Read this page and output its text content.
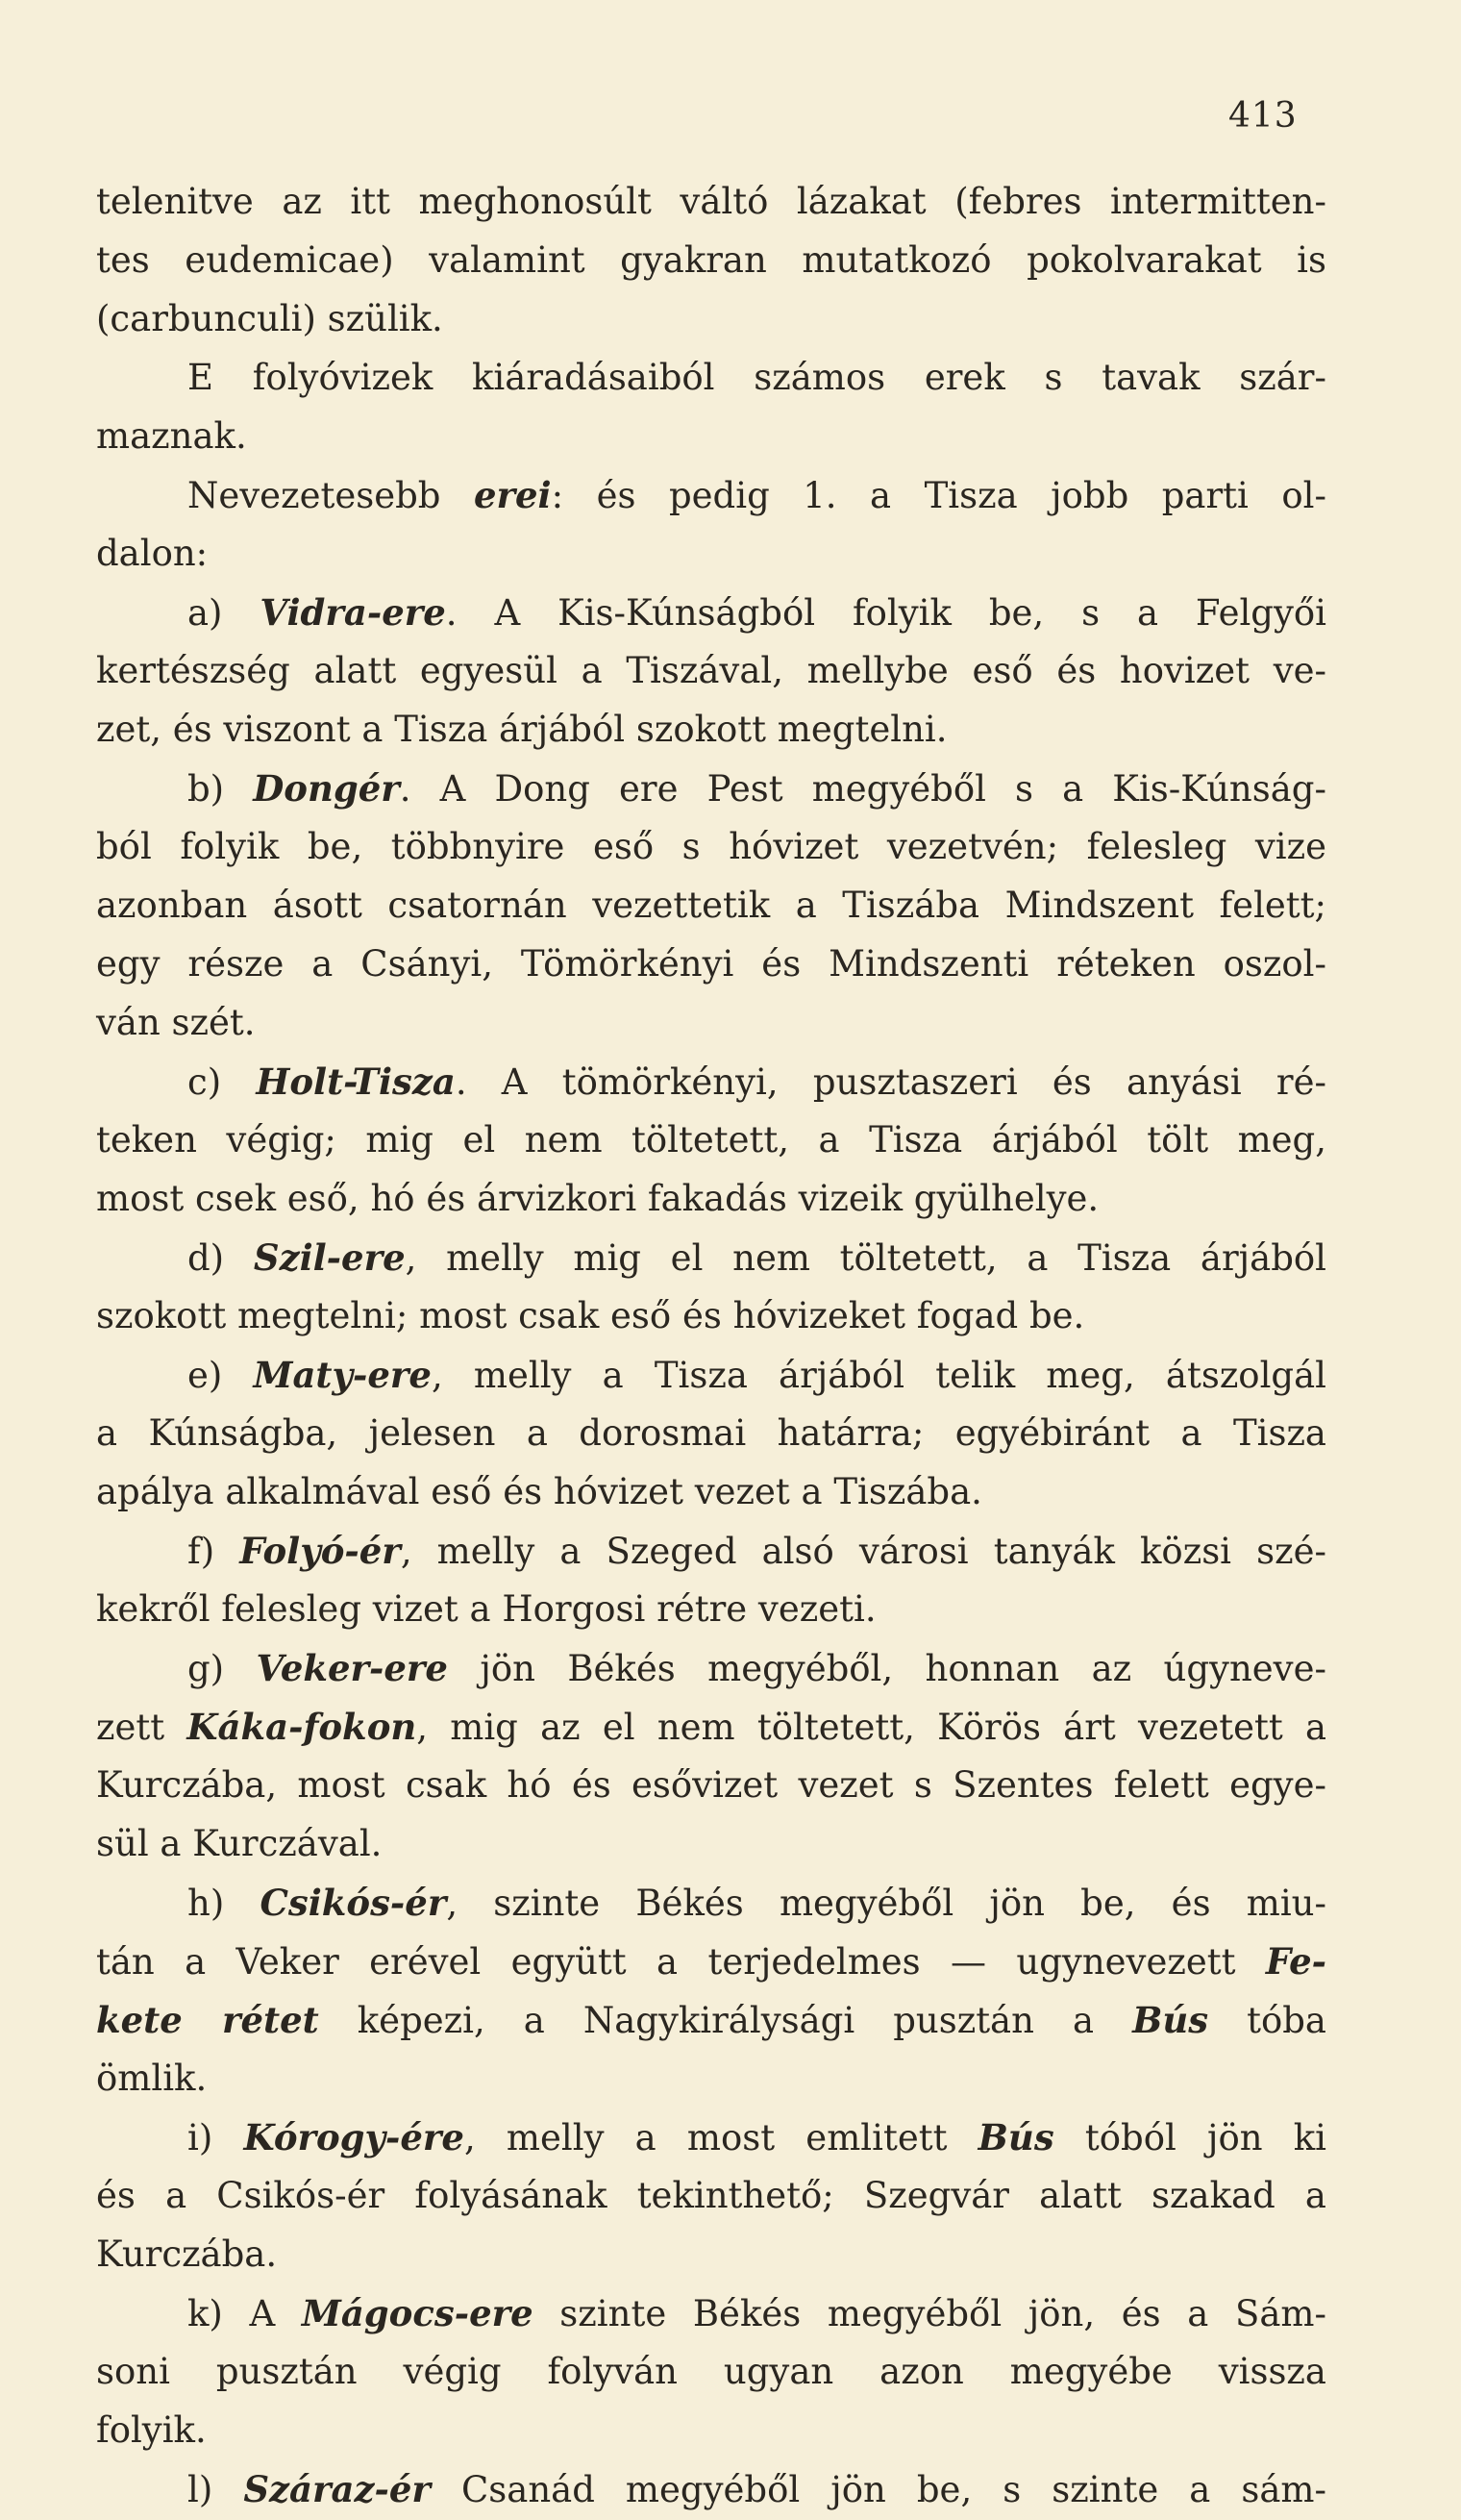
413
telenitve az itt meghonosúlt váltó lázakat (febres intermitten-
tes eudemicae) valamint gyakran mutatkozó pokolvarakat is
(carbunculi) szülik.
E folyóvizek kiáradásaiból számos erek s tavak szár-
maznak.
Nevezetesebb erei: és pedig 1. a Tisza jobb parti ol-
dalon:
a) Vidra-ere. A Kis-Kúnságból folyik be, s a Felgyői
kertészség alatt egyesül a Tiszával, mellybe eső és hovizet ve-
zet, és viszont a Tisza árjából szokott megtelni.
b) Dongér. A Dong ere Pest megyéből s a Kis-Kúnság-
ból folyik be, többnyire eső s hóvizet vezetvén; felesleg vize
azonban ásott csatornán vezettetik a Tiszába Mindszent felett;
egy része a Csányi, Tömörkényi és Mindszenti réteken oszol-
ván szét.
c) Holt-Tisza. A tömörkényi, pusztaszeri és anyási ré-
teken végig; mig el nem töltetett, a Tisza árjából tölt meg,
most csek eső, hó és árvizkori fakadás vizeik gyülhelye.
d) Szil-ere, melly mig el nem töltetett, a Tisza árjából
szokott megtelni; most csak eső és hóvizeket fogad be.
e) Maty-ere, melly a Tisza árjából telik meg, átszolgál
a Kúnságba, jelesen a dorosmai határra; egyébiránt a Tisza
apálya alkalmával eső és hóvizet vezet a Tiszába.
f) Folyó-ér, melly a Szeged alsó városi tanyák közsi szé-
kekről felesleg vizet a Horgosi rétre vezeti.
g) Veker-ere jön Békés megyéből, honnan az úgyneve-
zett Káka-fokon, mig az el nem töltetett, Körös árt vezetett a
Kurczába, most csak hó és esővizet vezet s Szentes felett egye-
sül a Kurczával.
h) Csikós-ér, szinte Békés megyéből jön be, és miu-
tán a Veker erével együtt a terjedelmes — ugynevezett Fe-
kete rétet képezi, a Nagykirálysági pusztán a Bús tóba
ömlik.
i) Kórogy-ére, melly a most emlitett Bús tóból jön ki
és a Csikós-ér folyásának tekinthető; Szegvár alatt szakad a
Kurczába.
k) A Mágocs-ere szinte Békés megyéből jön, és a Sám-
soni pusztán végig folyván ugyan azon megyébe vissza
folyik.
l) Száraz-ér Csanád megyéből jön be, s szinte a sám-
